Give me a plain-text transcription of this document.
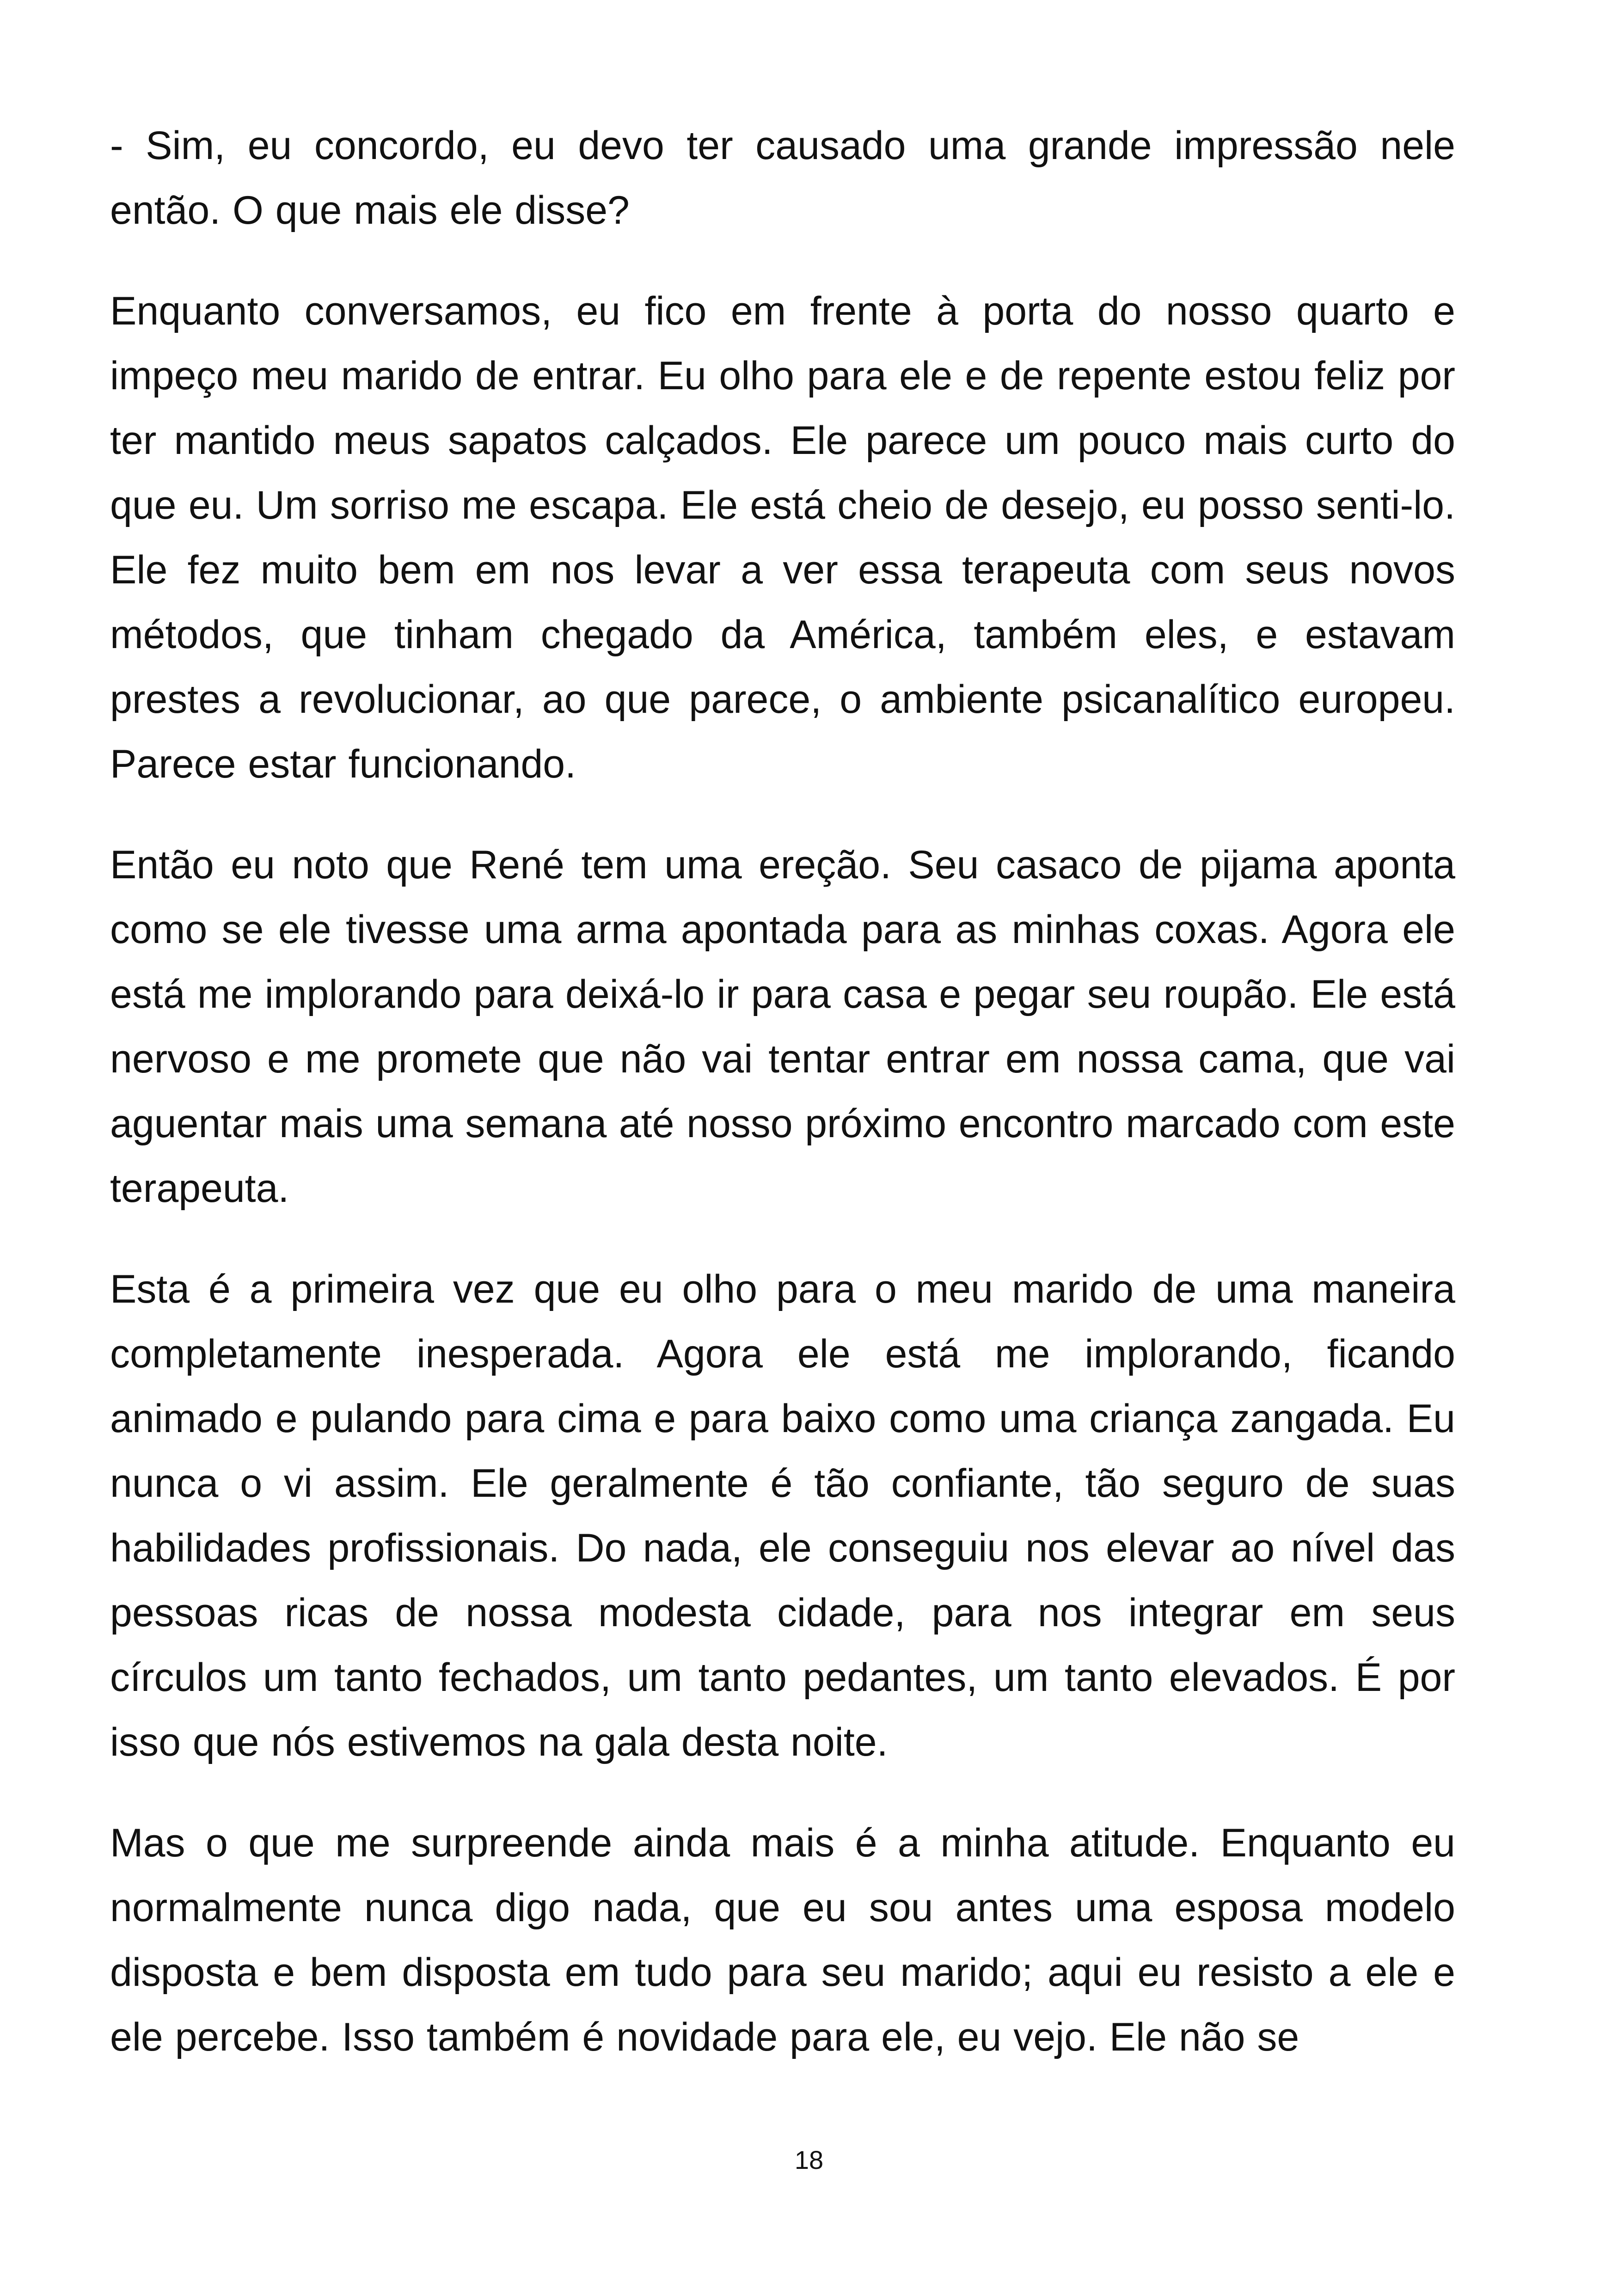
- Sim, eu concordo, eu devo ter causado uma grande impressão nele então. O que mais ele disse?

Enquanto conversamos, eu fico em frente à porta do nosso quarto e impeço meu marido de entrar. Eu olho para ele e de repente estou feliz por ter mantido meus sapatos calçados. Ele parece um pouco mais curto do que eu. Um sorriso me escapa. Ele está cheio de desejo, eu posso senti-lo. Ele fez muito bem em nos levar a ver essa terapeuta com seus novos métodos, que tinham chegado da América, também eles, e estavam prestes a revolucionar, ao que parece, o ambiente psicanalítico europeu. Parece estar funcionando.

Então eu noto que René tem uma ereção. Seu casaco de pijama aponta como se ele tivesse uma arma apontada para as minhas coxas. Agora ele está me implorando para deixá-lo ir para casa e pegar seu roupão. Ele está nervoso e me promete que não vai tentar entrar em nossa cama, que vai aguentar mais uma semana até nosso próximo encontro marcado com este terapeuta.

Esta é a primeira vez que eu olho para o meu marido de uma maneira completamente inesperada. Agora ele está me implorando, ficando animado e pulando para cima e para baixo como uma criança zangada. Eu nunca o vi assim. Ele geralmente é tão confiante, tão seguro de suas habilidades profissionais. Do nada, ele conseguiu nos elevar ao nível das pessoas ricas de nossa modesta cidade, para nos integrar em seus círculos um tanto fechados, um tanto pedantes, um tanto elevados. É por isso que nós estivemos na gala desta noite.

Mas o que me surpreende ainda mais é a minha atitude. Enquanto eu normalmente nunca digo nada, que eu sou antes uma esposa modelo disposta e bem disposta em tudo para seu marido; aqui eu resisto a ele e ele percebe. Isso também é novidade para ele, eu vejo. Ele não se

18
